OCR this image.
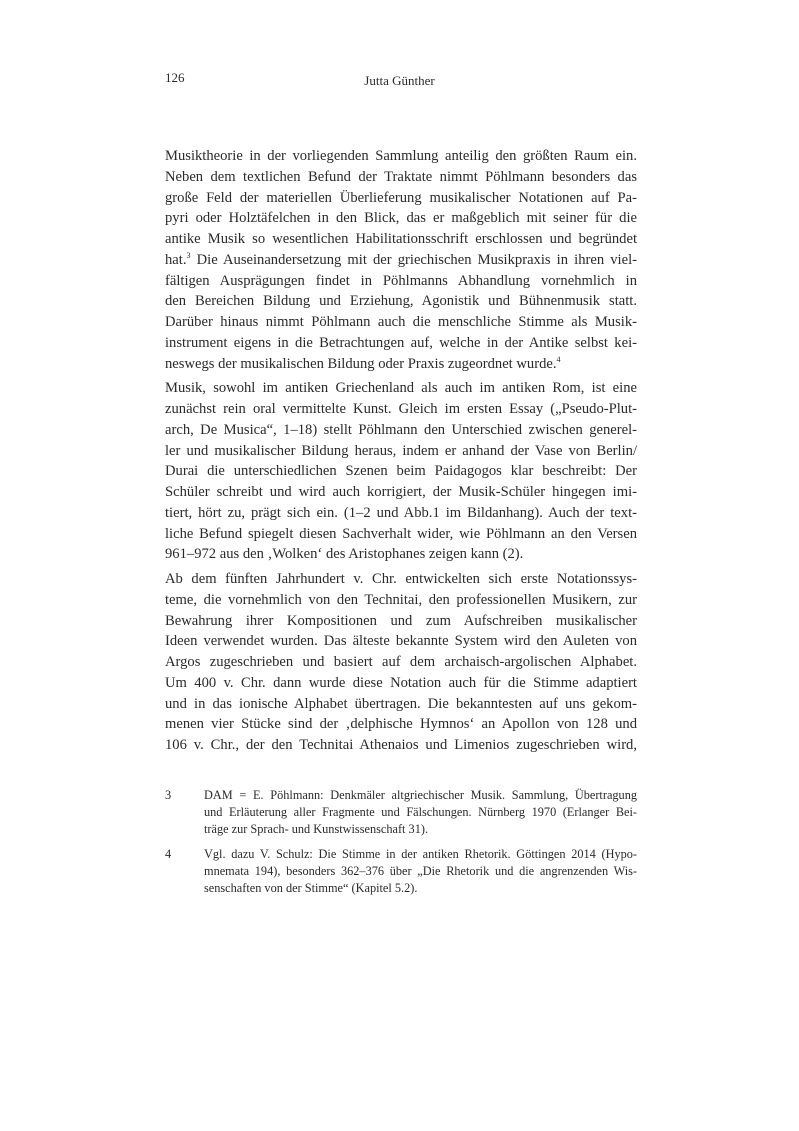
126	Jutta Günther
Musiktheorie in der vorliegenden Sammlung anteilig den größten Raum ein.
Neben dem textlichen Befund der Traktate nimmt Pöhlmann besonders das
große Feld der materiellen Überlieferung musikalischer Notationen auf Pa-
pyri oder Holztäfelchen in den Blick, das er maßgeblich mit seiner für die
antike Musik so wesentlichen Habilitationsschrift erschlossen und begründet
hat.$^3$ Die Auseinandersetzung mit der griechischen Musikpraxis in ihren viel-
fältigen Ausprägungen findet in Pöhlmanns Abhandlung vornehmlich in
den Bereichen Bildung und Erziehung, Agonistik und Bühnenmusik statt.
Darüber hinaus nimmt Pöhlmann auch die menschliche Stimme als Musik-
instrument eigens in die Betrachtungen auf, welche in der Antike selbst kei-
neswegs der musikalischen Bildung oder Praxis zugeordnet wurde.$^4$
Musik, sowohl im antiken Griechenland als auch im antiken Rom, ist eine
zunächst rein oral vermittelte Kunst. Gleich im ersten Essay („Pseudo-Plut-
arch, De Musica“, 1–18) stellt Pöhlmann den Unterschied zwischen generel-
ler und musikalischer Bildung heraus, indem er anhand der Vase von Berlin/
Durai die unterschiedlichen Szenen beim Paidagogos klar beschreibt: Der
Schüler schreibt und wird auch korrigiert, der Musik-Schüler hingegen imi-
tiert, hört zu, prägt sich ein. (1–2 und Abb.1 im Bildanhang). Auch der text-
liche Befund spiegelt diesen Sachverhalt wider, wie Pöhlmann an den Versen
961–972 aus den ‚Wolken‘ des Aristophanes zeigen kann (2).
Ab dem fünften Jahrhundert v. Chr. entwickelten sich erste Notationssys-
teme, die vornehmlich von den Technitai, den professionellen Musikern, zur
Bewahrung ihrer Kompositionen und zum Aufschreiben musikalischer
Ideen verwendet wurden. Das älteste bekannte System wird den Auleten von
Argos zugeschrieben und basiert auf dem archaisch-argolischen Alphabet.
Um 400 v. Chr. dann wurde diese Notation auch für die Stimme adaptiert
und in das ionische Alphabet übertragen. Die bekanntesten auf uns gekom-
menen vier Stücke sind der ‚delphische Hymnos‘ an Apollon von 128 und
106 v. Chr., der den Technitai Athenaios und Limenios zugeschrieben wird,
3	DAM = E. Pöhlmann: Denkmäler altgriechischer Musik. Sammlung, Übertragung
und Erläuterung aller Fragmente und Fälschungen. Nürnberg 1970 (Erlanger Bei-
träge zur Sprach- und Kunstwissenschaft 31).
4	Vgl. dazu V. Schulz: Die Stimme in der antiken Rhetorik. Göttingen 2014 (Hypo-
mnemata 194), besonders 362–376 über „Die Rhetorik und die angrenzenden Wis-
senschaften von der Stimme“ (Kapitel 5.2).
